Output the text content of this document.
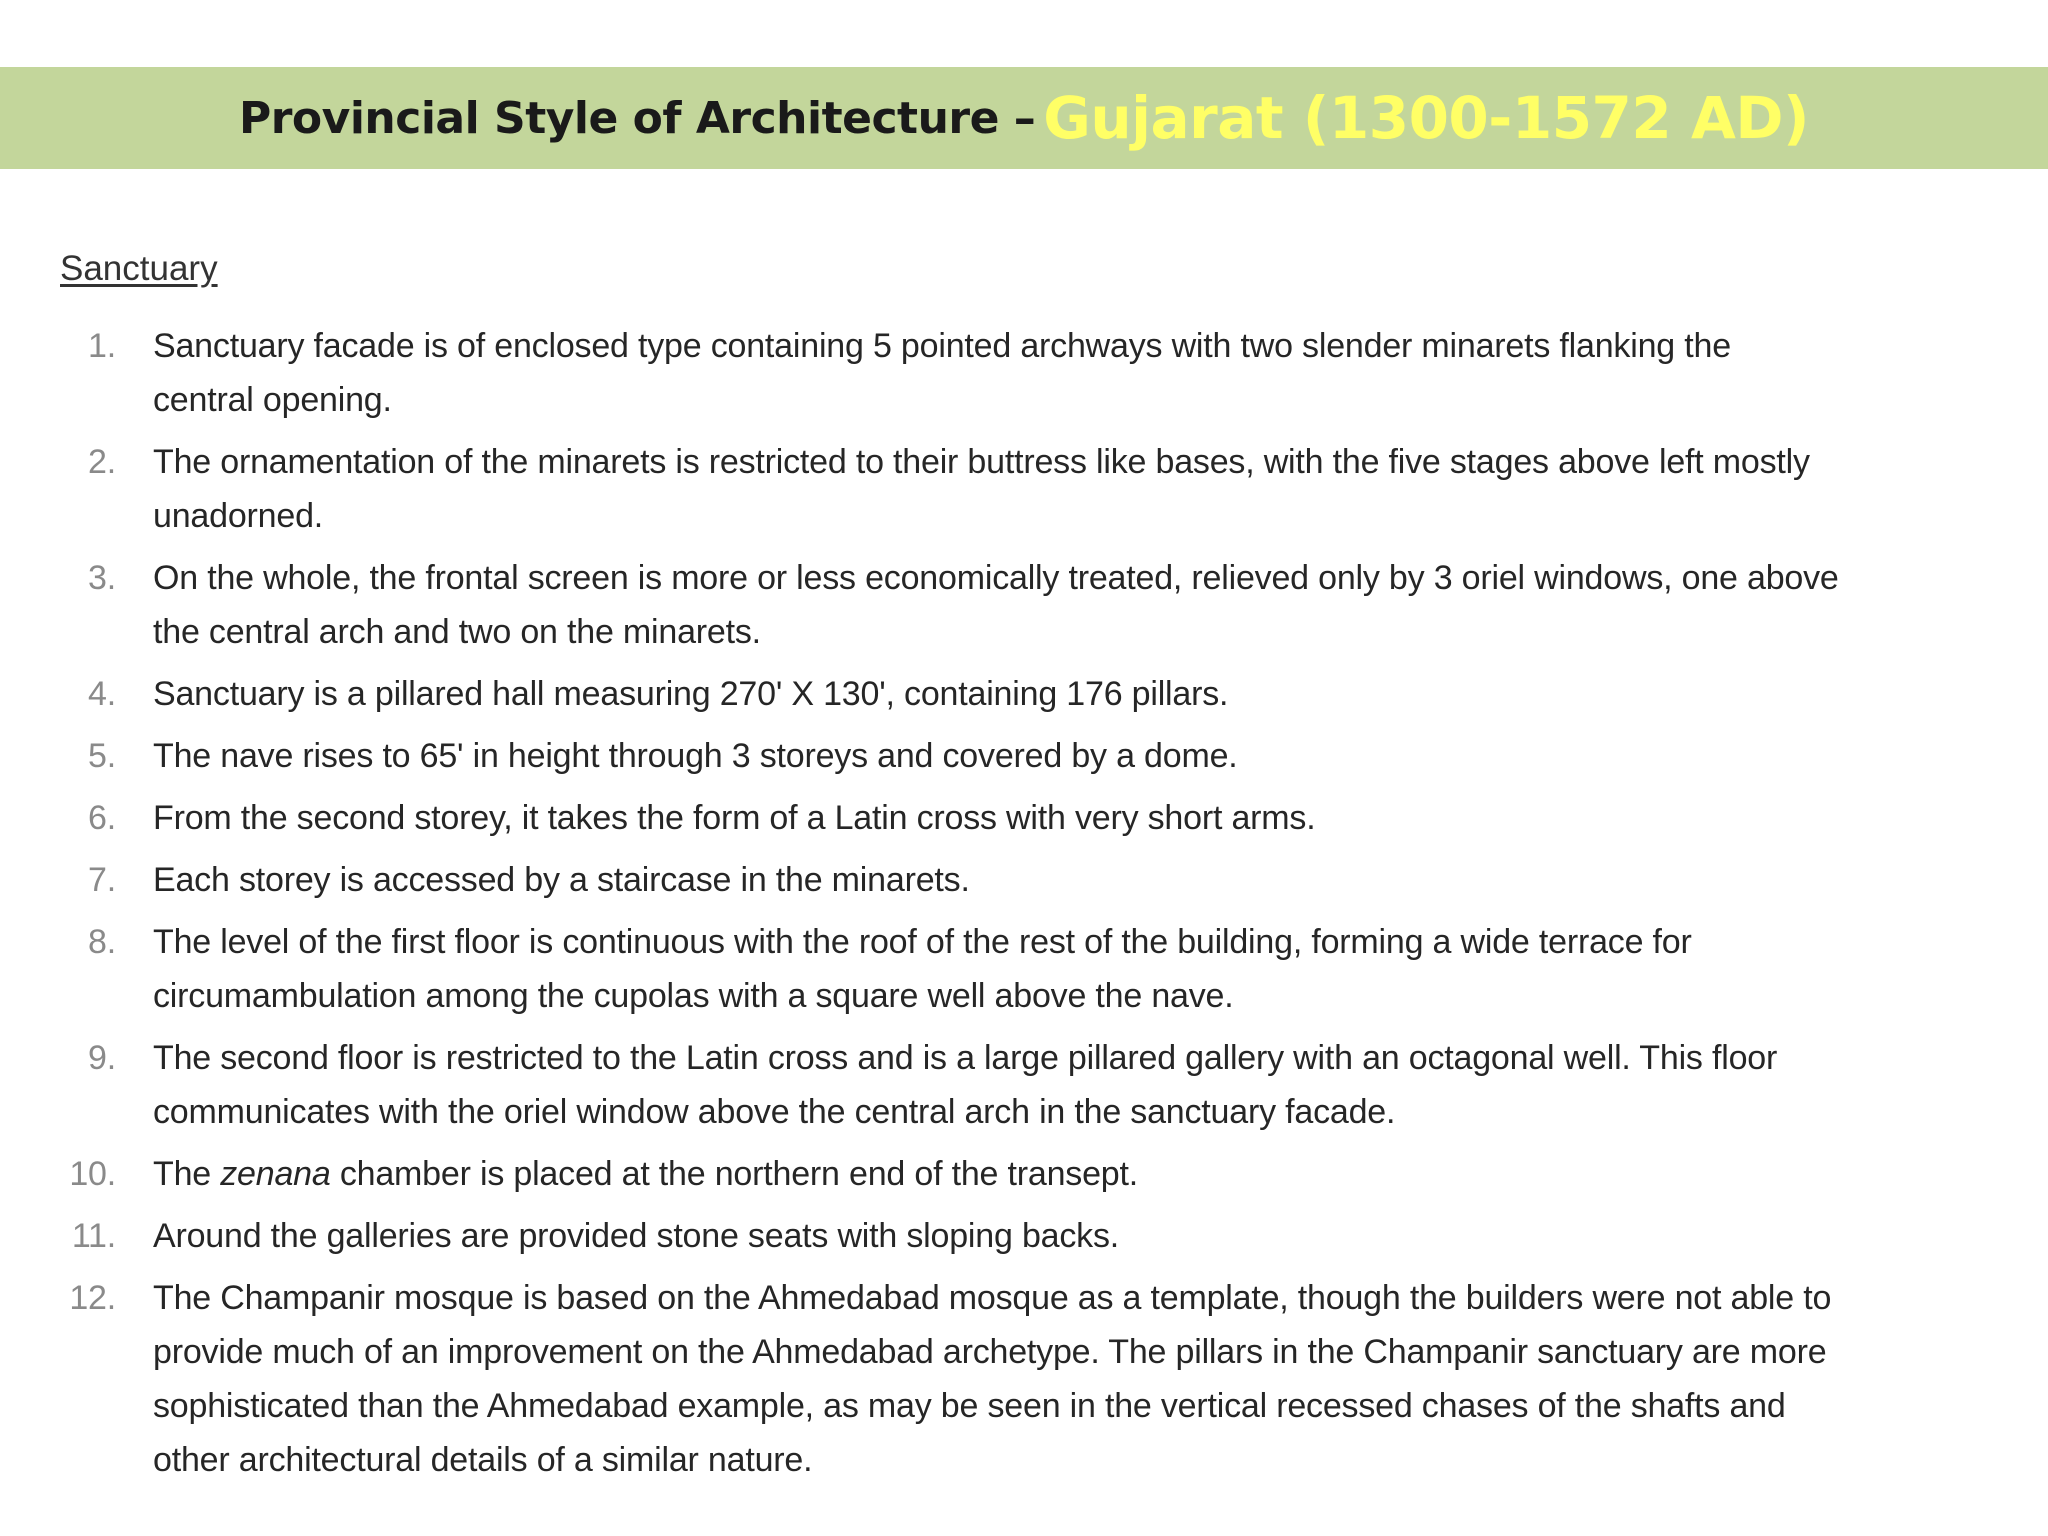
Provincial Style of Architecture – Gujarat (1300-1572 AD)
Sanctuary
1. Sanctuary facade is of enclosed type containing 5 pointed archways with two slender minarets flanking the
central opening.
2. The ornamentation of the minarets is restricted to their buttress like bases, with the five stages above left mostly
unadorned.
3. On the whole, the frontal screen is more or less economically treated, relieved only by 3 oriel windows, one above
the central arch and two on the minarets.
4. Sanctuary is a pillared hall measuring 270' X 130', containing 176 pillars.
5. The nave rises to 65' in height through 3 storeys and covered by a dome.
6. From the second storey, it takes the form of a Latin cross with very short arms.
7. Each storey is accessed by a staircase in the minarets.
8. The level of the first floor is continuous with the roof of the rest of the building, forming a wide terrace for
circumambulation among the cupolas with a square well above the nave.
9. The second floor is restricted to the Latin cross and is a large pillared gallery with an octagonal well. This floor
communicates with the oriel window above the central arch in the sanctuary facade.
10. The zenana chamber is placed at the northern end of the transept.
11. Around the galleries are provided stone seats with sloping backs.
12. The Champanir mosque is based on the Ahmedabad mosque as a template, though the builders were not able to
provide much of an improvement on the Ahmedabad archetype. The pillars in the Champanir sanctuary are more
sophisticated than the Ahmedabad example, as may be seen in the vertical recessed chases of the shafts and
other architectural details of a similar nature.
